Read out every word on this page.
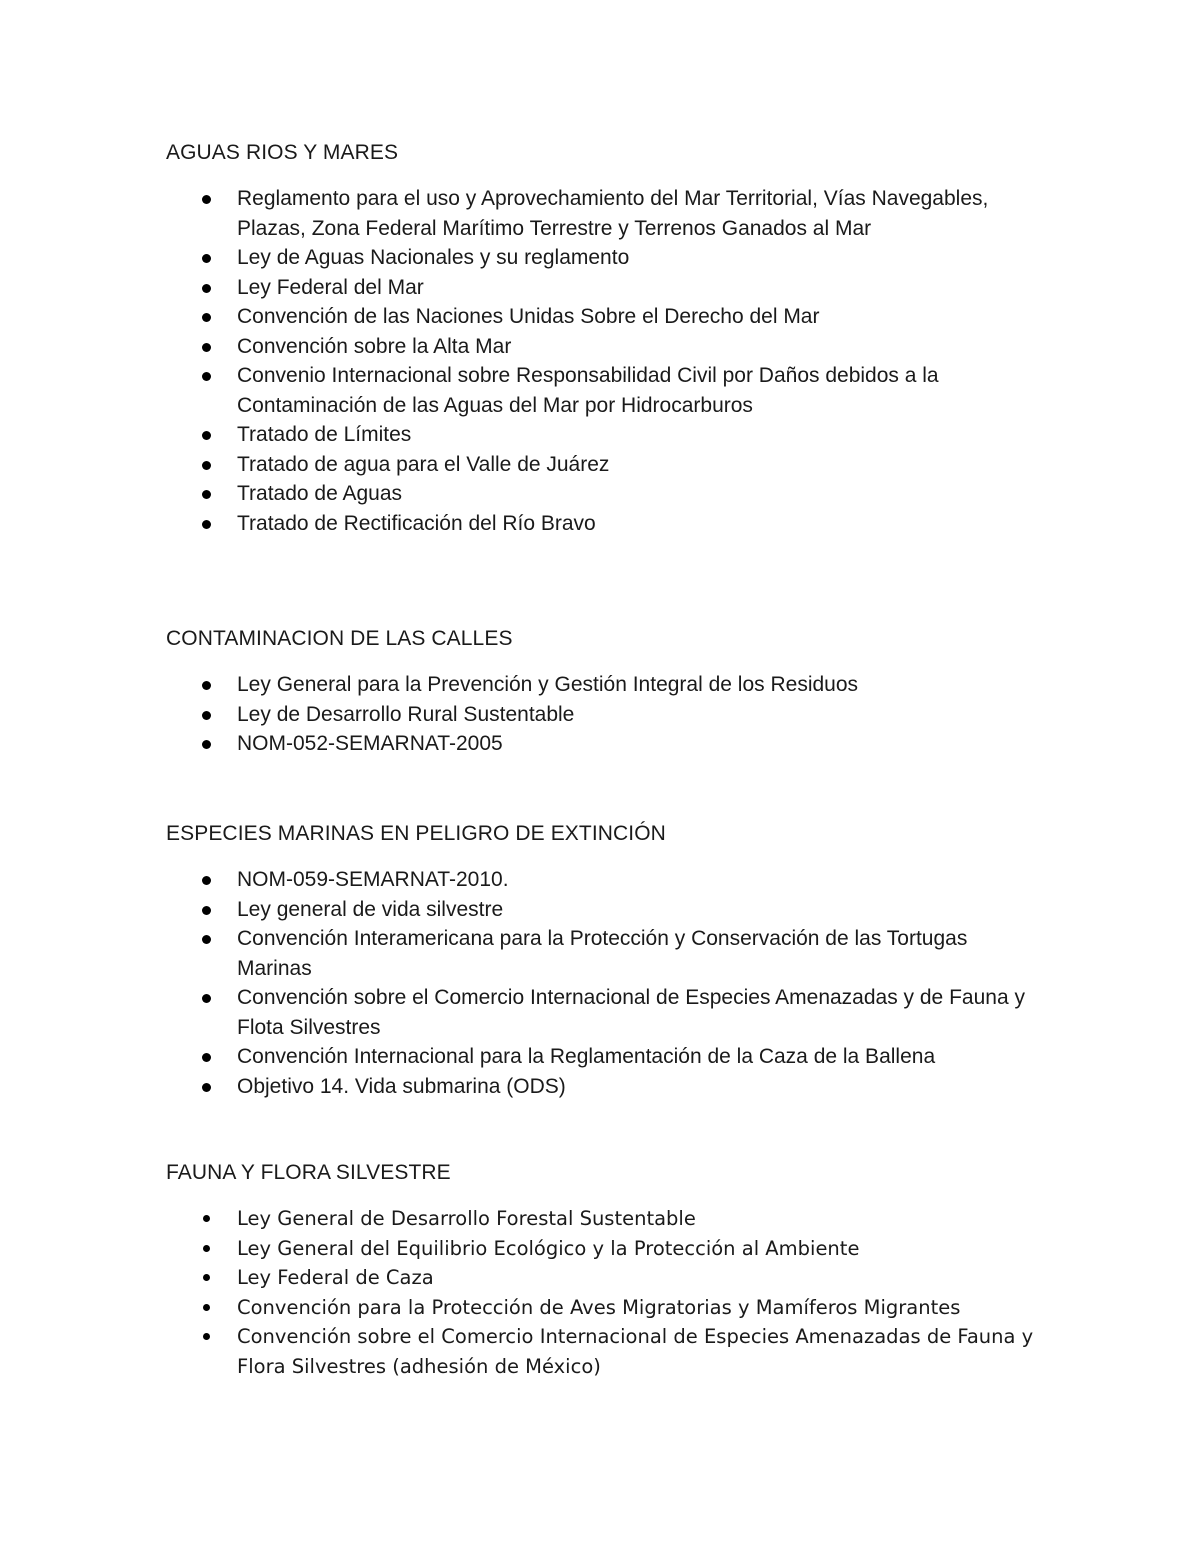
AGUAS RIOS Y MARES
Reglamento para el uso y Aprovechamiento del Mar Territorial, Vías Navegables, Plazas, Zona Federal Marítimo Terrestre y Terrenos Ganados al Mar
Ley de Aguas Nacionales y su reglamento
Ley Federal del Mar
Convención de las Naciones Unidas Sobre el Derecho del Mar
Convención sobre la Alta Mar
Convenio Internacional sobre Responsabilidad Civil por Daños debidos a la Contaminación de las Aguas del Mar por Hidrocarburos
Tratado de Límites
Tratado de agua para el Valle de Juárez
Tratado de Aguas
Tratado de Rectificación del Río Bravo
CONTAMINACION DE LAS CALLES
Ley General para la Prevención y Gestión Integral de los Residuos
Ley de Desarrollo Rural Sustentable
NOM-052-SEMARNAT-2005
ESPECIES MARINAS EN PELIGRO DE EXTINCIÓN
NOM-059-SEMARNAT-2010.
Ley general de vida silvestre
Convención Interamericana para la Protección y Conservación de las Tortugas Marinas
Convención sobre el Comercio Internacional de Especies Amenazadas y de Fauna y Flota Silvestres
Convención Internacional para la Reglamentación de la Caza de la Ballena
Objetivo 14. Vida submarina (ODS)
FAUNA Y FLORA SILVESTRE
Ley General de Desarrollo Forestal Sustentable
Ley General del Equilibrio Ecológico y la Protección al Ambiente
Ley Federal de Caza
Convención para la Protección de Aves Migratorias y Mamíferos Migrantes
Convención sobre el Comercio Internacional de Especies Amenazadas de Fauna y Flora Silvestres (adhesión de México)
